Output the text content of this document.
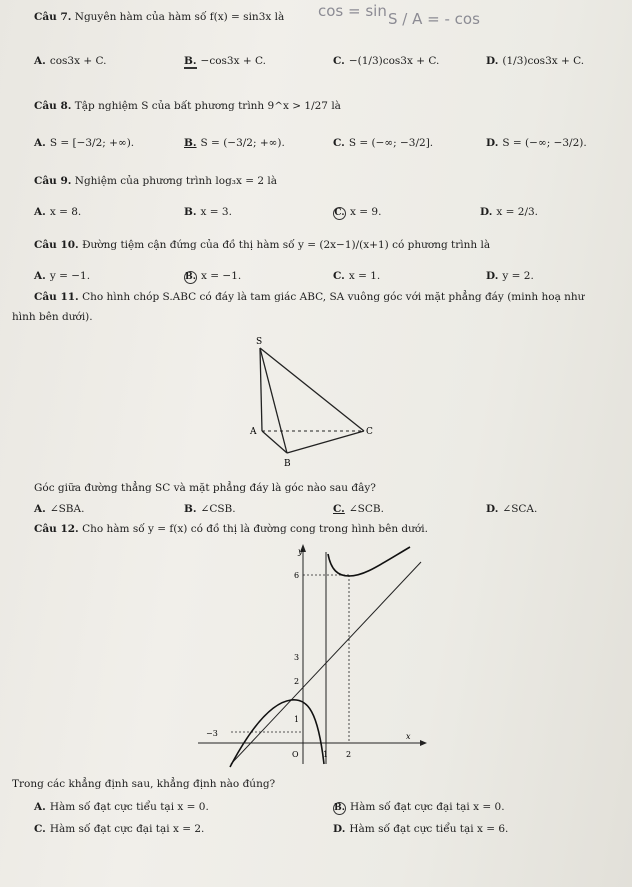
cos = sin S / A = - cos
Câu 7. Nguyên hàm của hàm số f(x) = sin3x là
A. cos3x + C.	B. −cos3x + C.	C. −(1/3)cos3x + C.	D. (1/3)cos3x + C.
Câu 8. Tập nghiệm S của bất phương trình 9^x > 1/27 là
A. S = [−3/2; +∞).	B. S = (−3/2; +∞).	C. S = (−∞; −3/2].	D. S = (−∞; −3/2).
Câu 9. Nghiệm của phương trình log₃x = 2 là
A. x = 8.	B. x = 3.	C. x = 9.	D. x = 2/3.
Câu 10. Đường tiệm cận đứng của đồ thị hàm số y = (2x−1)/(x+1) có phương trình là
A. y = −1.	B. x = −1.	C. x = 1.	D. y = 2.
Câu 11. Cho hình chóp S.ABC có đáy là tam giác ABC, SA vuông góc với mặt phẳng đáy (minh hoạ như
hình bên dưới).
S
A
B
C
Góc giữa đường thẳng SC và mặt phẳng đáy là góc nào sau đây?
A. ∠SBA.	B. ∠CSB.	C. ∠SCB.	D. ∠SCA.
Câu 12. Cho hàm số y = f(x) có đồ thị là đường cong trong hình bên dưới.
y
x
O
6
3
2
1
−3
1 2
Trong các khẳng định sau, khẳng định nào đúng?
A. Hàm số đạt cực tiểu tại x = 0.	B. Hàm số đạt cực đại tại x = 0.
C. Hàm số đạt cực đại tại x = 2.	D. Hàm số đạt cực tiểu tại x = 6.
